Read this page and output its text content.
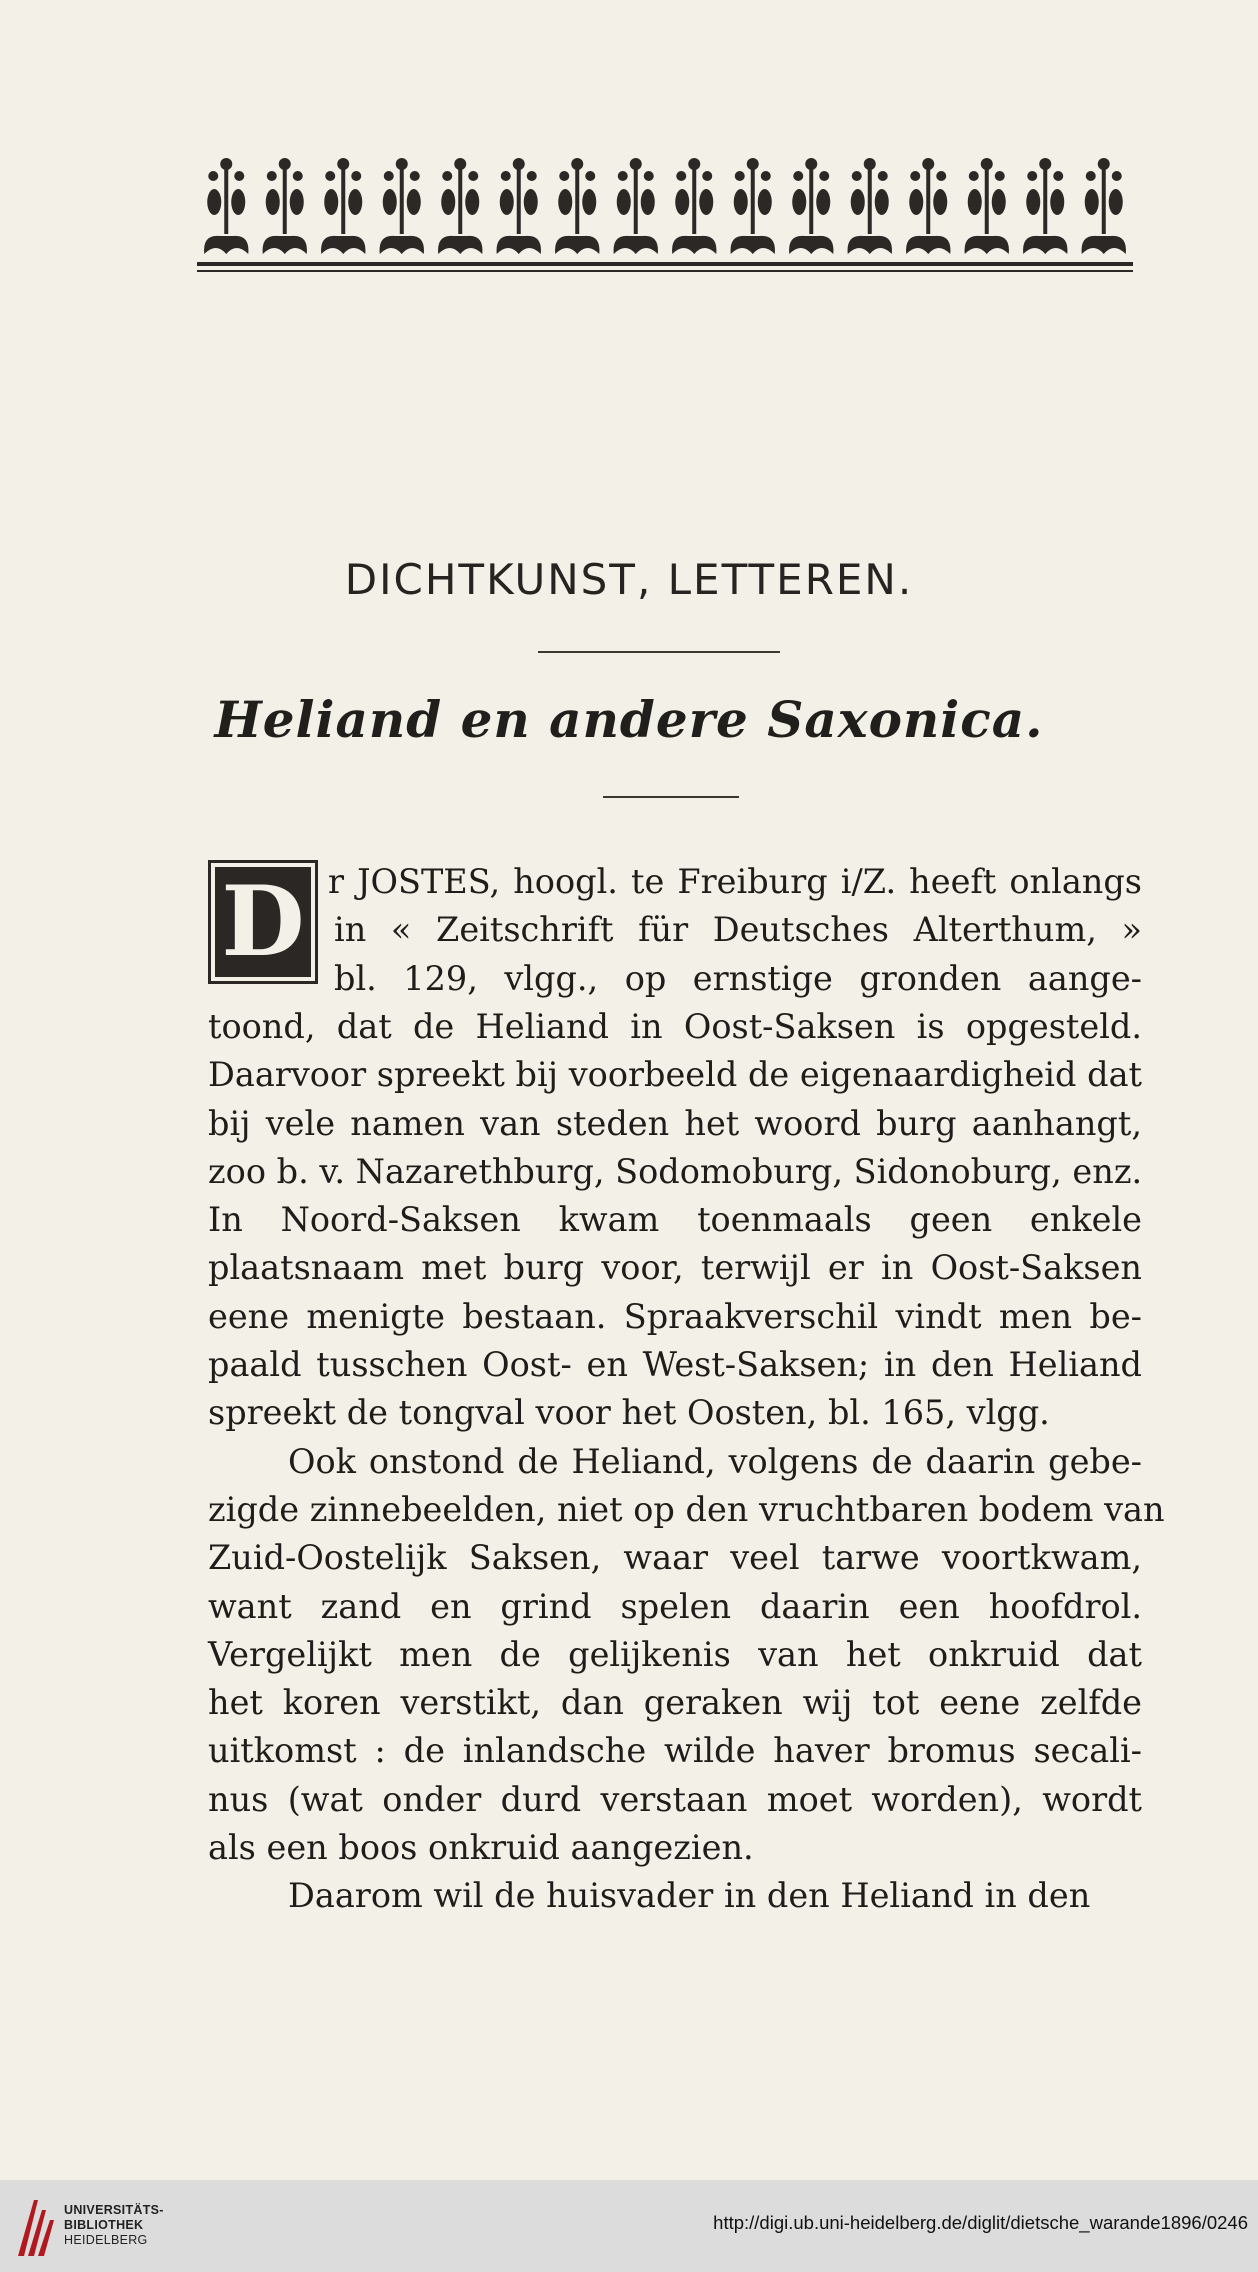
DICHTKUNST, LETTEREN.
Heliand en andere Saxonica.
D r JOSTES, hoogl. te Freiburg i/Z. heeft onlangs
in « Zeitschrift für Deutsches Alterthum, »
bl. 129, vlgg., op ernstige gronden aange-
toond, dat de Heliand in Oost-Saksen is opgesteld.
Daarvoor spreekt bij voorbeeld de eigenaardigheid dat
bij vele namen van steden het woord burg aanhangt,
zoo b. v. Nazarethburg, Sodomoburg, Sidonoburg, enz.
In Noord-Saksen kwam toenmaals geen enkele
plaatsnaam met burg voor, terwijl er in Oost-Saksen
eene menigte bestaan. Spraakverschil vindt men be-
paald tusschen Oost- en West-Saksen; in den Heliand
spreekt de tongval voor het Oosten, bl. 165, vlgg.
Ook onstond de Heliand, volgens de daarin gebe-
zigde zinnebeelden, niet op den vruchtbaren bodem van
Zuid-Oostelijk Saksen, waar veel tarwe voortkwam,
want zand en grind spelen daarin een hoofdrol.
Vergelijkt men de gelijkenis van het onkruid dat
het koren verstikt, dan geraken wij tot eene zelfde
uitkomst : de inlandsche wilde haver bromus secali-
nus (wat onder durd verstaan moet worden), wordt
als een boos onkruid aangezien.
Daarom wil de huisvader in den Heliand in den
UNIVERSITÄTS-
BIBLIOTHEK
HEIDELBERG
http://digi.ub.uni-heidelberg.de/diglit/dietsche_warande1896/0246
